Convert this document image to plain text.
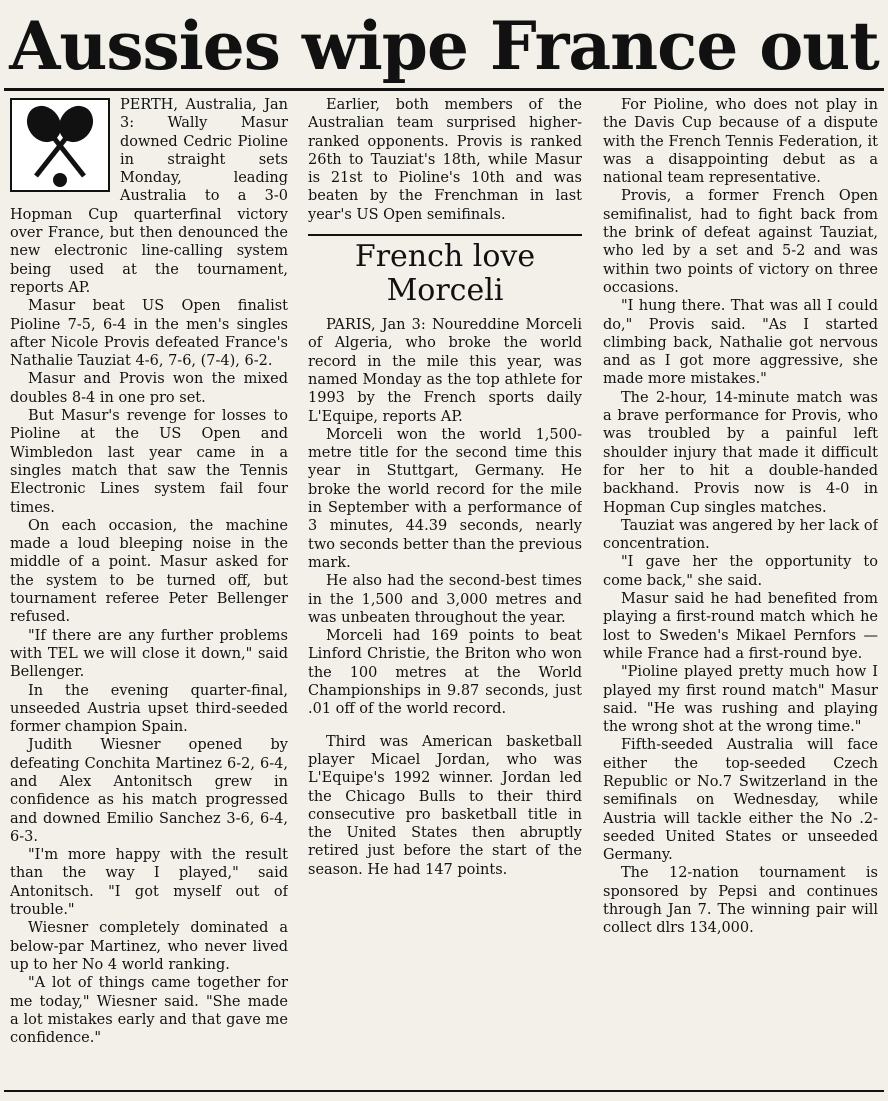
Aussies wipe France out

PERTH, Australia, Jan 3: Wally Masur downed Cedric Pioline in straight sets Monday, leading Australia to a 3-0 Hopman Cup quarterfinal victory over France, but then denounced the new electronic line-calling system being used at the tournament, reports AP.

Masur beat US Open finalist Pioline 7-5, 6-4 in the men's singles after Nicole Provis defeated France's Nathalie Tauziat 4-6, 7-6, (7-4), 6-2.

Masur and Provis won the mixed doubles 8-4 in one pro set.

But Masur's revenge for losses to Pioline at the US Open and Wimbledon last year came in a singles match that saw the Tennis Electronic Lines system fail four times.

On each occasion, the machine made a loud bleeping noise in the middle of a point. Masur asked for the system to be turned off, but tournament referee Peter Bellenger refused.

"If there are any further problems with TEL we will close it down," said Bellenger.

In the evening quarter-final, unseeded Austria upset third-seeded former champion Spain.

Judith Wiesner opened by defeating Conchita Martinez 6-2, 6-4, and Alex Antonitsch grew in confidence as his match progressed and downed Emilio Sanchez 3-6, 6-4, 6-3.

"I'm more happy with the result than the way I played," said Antonitsch. "I got myself out of trouble."

Wiesner completely dominated a below-par Martinez, who never lived up to her No 4 world ranking.

"A lot of things came together for me today," Wiesner said. "She made a lot mistakes early and that gave me confidence."

Earlier, both members of the Australian team surprised higher-ranked opponents. Provis is ranked 26th to Tauziat's 18th, while Masur is 21st to Pioline's 10th and was beaten by the Frenchman in last year's US Open semifinals.

French love Morceli

PARIS, Jan 3: Noureddine Morceli of Algeria, who broke the world record in the mile this year, was named Monday as the top athlete for 1993 by the French sports daily L'Equipe, reports AP.

Morceli won the world 1,500-metre title for the second time this year in Stuttgart, Germany. He broke the world record for the mile in September with a performance of 3 minutes, 44.39 seconds, nearly two seconds better than the previous mark.

He also had the second-best times in the 1,500 and 3,000 metres and was unbeaten throughout the year.

Morceli had 169 points to beat Linford Christie, the Briton who won the 100 metres at the World Championships in 9.87 seconds, just .01 off of the world record.

Third was American basketball player Micael Jordan, who was L'Equipe's 1992 winner. Jordan led the Chicago Bulls to their third consecutive pro basketball title in the United States then abruptly retired just before the start of the season. He had 147 points.

For Pioline, who does not play in the Davis Cup because of a dispute with the French Tennis Federation, it was a disappointing debut as a national team representative.

Provis, a former French Open semifinalist, had to fight back from the brink of defeat against Tauziat, who led by a set and 5-2 and was within two points of victory on three occasions.

"I hung there. That was all I could do," Provis said. "As I started climbing back, Nathalie got nervous and as I got more aggressive, she made more mistakes."

The 2-hour, 14-minute match was a brave performance for Provis, who was troubled by a painful left shoulder injury that made it difficult for her to hit a double-handed backhand. Provis now is 4-0 in Hopman Cup singles matches.

Tauziat was angered by her lack of concentration.

"I gave her the opportunity to come back," she said.

Masur said he had benefited from playing a first-round match which he lost to Sweden's Mikael Pernfors — while France had a first-round bye.

"Pioline played pretty much how I played my first round match" Masur said. "He was rushing and playing the wrong shot at the wrong time."

Fifth-seeded Australia will face either the top-seeded Czech Republic or No.7 Switzerland in the semifinals on Wednesday, while Austria will tackle either the No .2-seeded United States or unseeded Germany.

The 12-nation tournament is sponsored by Pepsi and continues through Jan 7. The winning pair will collect dlrs 134,000.
